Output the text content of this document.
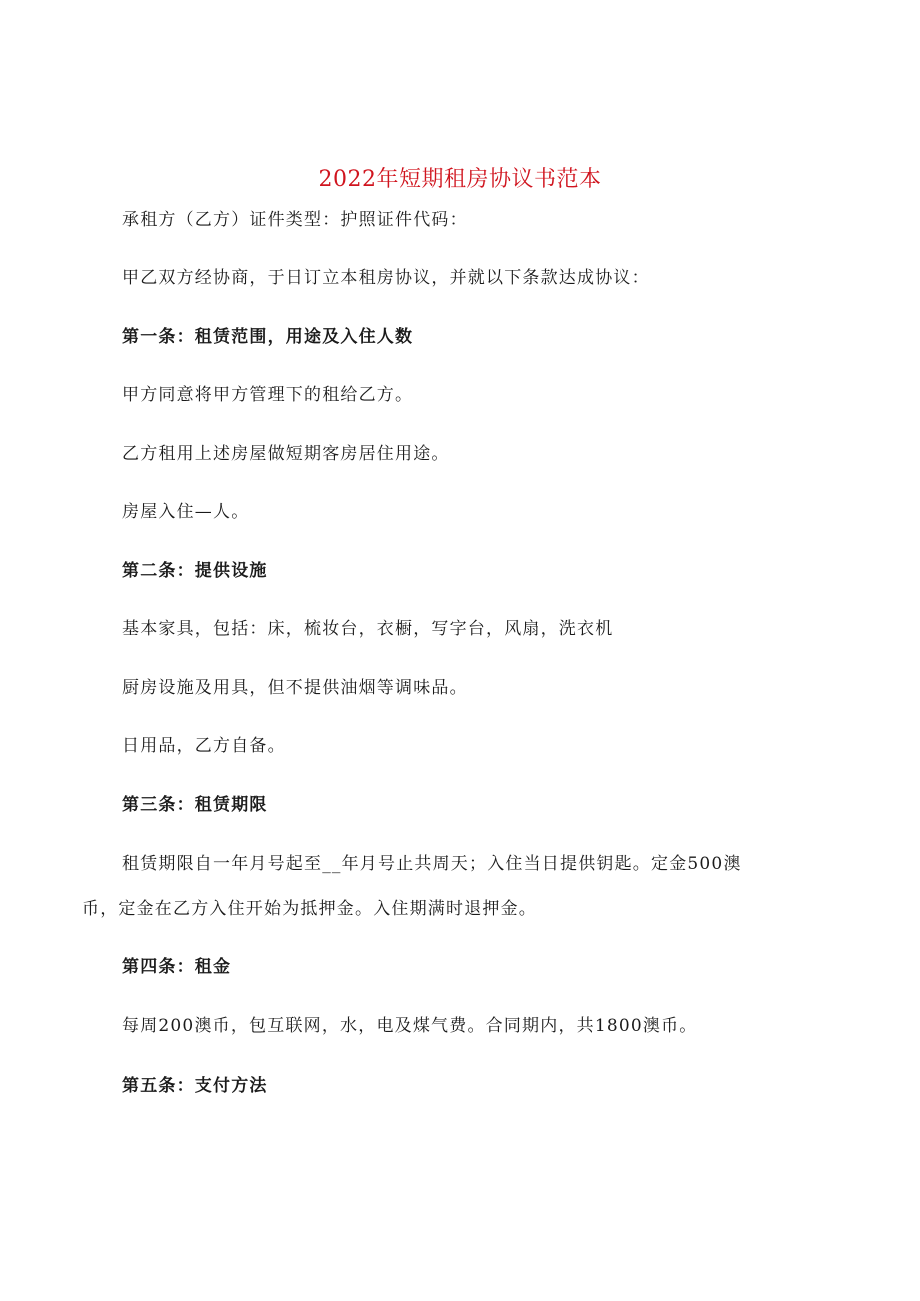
2022年短期租房协议书范本
承租方（乙方）证件类型：护照证件代码：
甲乙双方经协商，于日订立本租房协议，并就以下条款达成协议：
第一条：租赁范围，用途及入住人数
甲方同意将甲方管理下的租给乙方。
乙方租用上述房屋做短期客房居住用途。
房屋入住—人。
第二条：提供设施
基本家具，包括：床，梳妆台，衣橱，写字台，风扇，洗衣机
厨房设施及用具，但不提供油烟等调味品。
日用品，乙方自备。
第三条：租赁期限
租赁期限自一年月号起至__年月号止共周天；入住当日提供钥匙。定金500澳
币，定金在乙方入住开始为抵押金。入住期满时退押金。
第四条：租金
每周200澳币，包互联网，水，电及煤气费。合同期内，共1800澳币。
第五条：支付方法
